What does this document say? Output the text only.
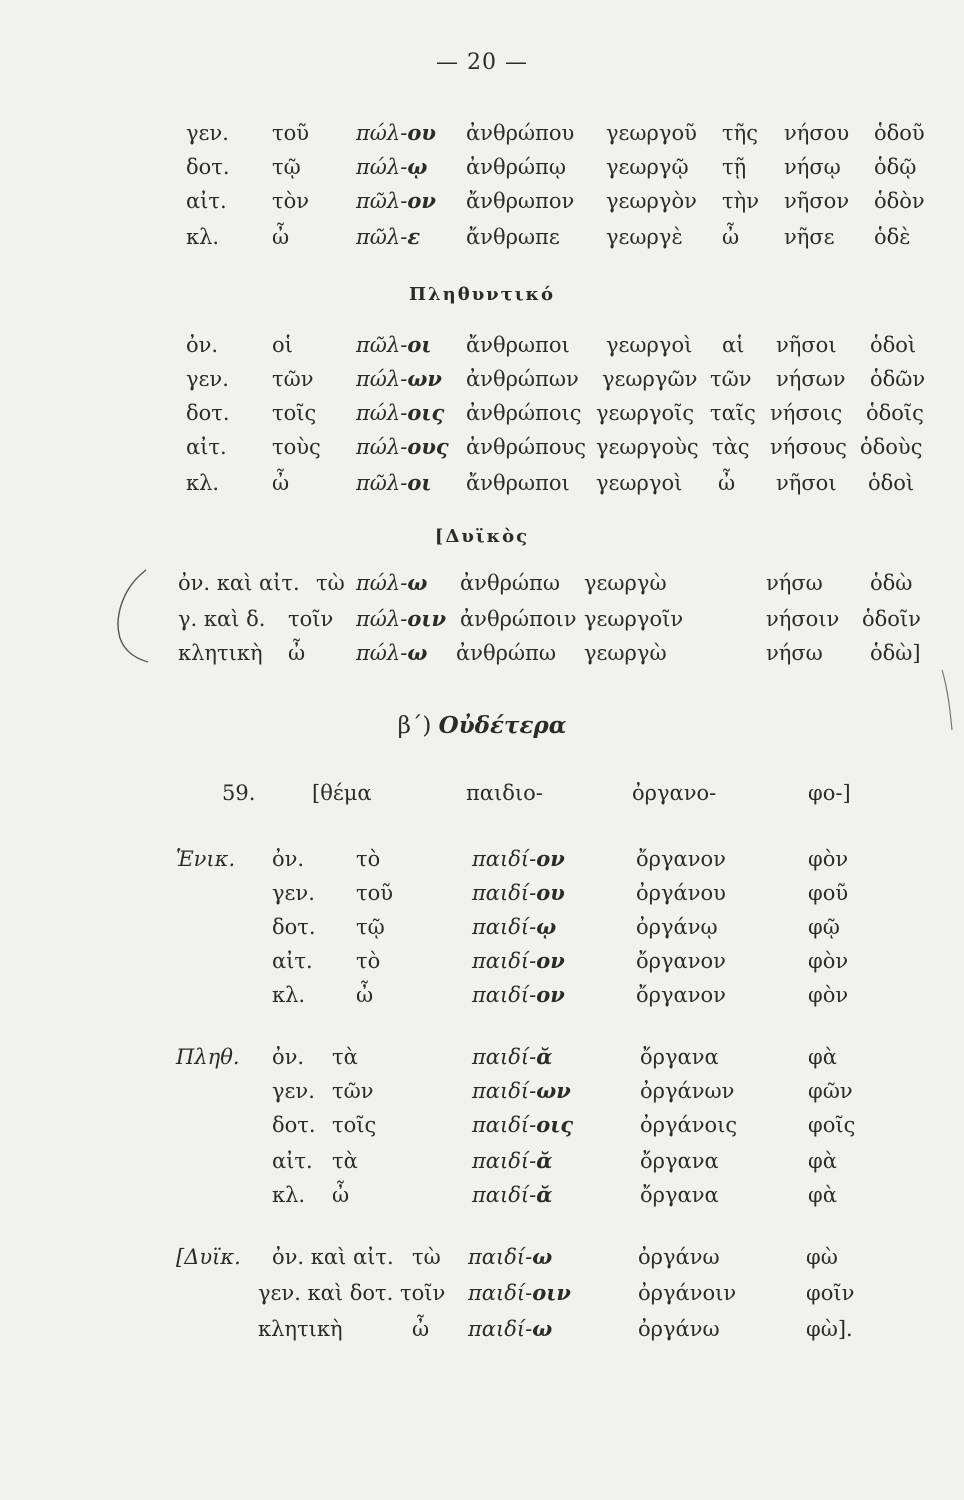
— 20 —
γεν. τοῦ πώλ-ου ἀνθρώπου γεωργοῦ τῆς νήσου ὁδοῦ
δοτ. τῷ	πώλ-ῳ ἀνθρώπῳ γεωργῷ τῇ νήσῳ ὁδῷ
αἰτ. τὸν πῶλ-ον ἄνθρωπον γεωργὸν τὴν νῆσον ὁδὸν
κλ.	ὦ	πῶλ-ε ἄνθρωπε γεωργὲ ὦ νῆσε ὁδὲ
Πληθυντικό
ὀν.	οἱ	πῶλ-οι ἄνθρωποι γεωργοὶ αἱ νῆσοι ὁδοὶ
γεν. τῶν πώλ-ων ἀνθρώπων γεωργῶν τῶν νήσων ὁδῶν
δοτ. τοῖς πώλ-οις ἀνθρώποις γεωργοῖς ταῖς νήσοις ὁδοῖς
αἰτ. τοὺς πώλ-ους ἀνθρώπους γεωργοὺς τὰς νήσους ὁδοὺς
κλ.	ὦ	πῶλ-οι ἄνθρωποι γεωργοὶ ὦ νῆσοι ὁδοὶ
[Δυϊκὸς
ὀν. καὶ αἰτ. τὼ πώλ-ω ἀνθρώπω γεωργὼ	νήσω ὁδὼ
γ. καὶ δ. τοῖν πώλ-οιν ἀνθρώποιν γεωργοῖν	νήσοιν ὁδοῖν
κλητικὴ ὦ πώλ-ω ἀνθρώπω γεωργὼ	νήσω ὁδὼ]
β΄) Οὐδέτερα
59.	[θέμα	παιδιο-	ὀργανο-	φο-]
Ἑνικ. ὀν. τὸ	παιδί-ον	ὄργανον	φὸν
γεν. τοῦ	παιδί-ου	ὀργάνου	φοῦ
δοτ. τῷ	παιδί-ῳ	ὀργάνῳ	φῷ
αἰτ. τὸ	παιδί-ον	ὄργανον	φὸν
κλ. ὦ	παιδί-ον	ὄργανον	φὸν
Πληθ. ὀν. τὰ	παιδί-ᾰ	ὄργανα	φὰ
γεν. τῶν	παιδί-ων	ὀργάνων	φῶν
δοτ. τοῖς	παιδί-οις	ὀργάνοις	φοῖς
αἰτ. τὰ	παιδί-ᾰ	ὄργανα	φὰ
κλ. ὦ	παιδί-ᾰ	ὄργανα	φὰ
[Δυϊκ. ὀν. καὶ αἰτ. τὼ παιδί-ω	ὀργάνω	φὼ
γεν. καὶ δοτ. τοῖν παιδί-οιν	ὀργάνοιν	φοῖν
κλητικὴ	ὦ παιδί-ω	ὀργάνω	φὼ].
